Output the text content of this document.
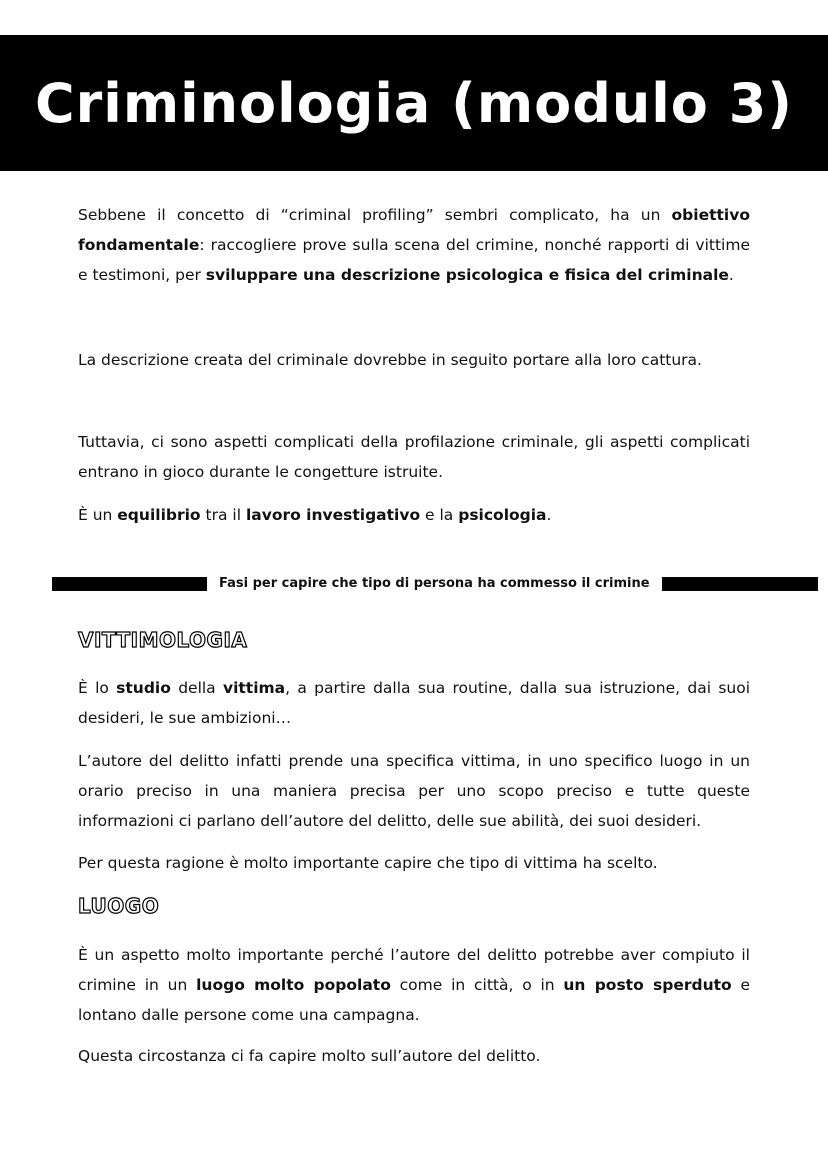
Criminologia (modulo 3)

Sebbene il concetto di “criminal profiling” sembri complicato, ha un obiettivo fondamentale: raccogliere prove sulla scena del crimine, nonché rapporti di vittime e testimoni, per sviluppare una descrizione psicologica e fisica del criminale.

La descrizione creata del criminale dovrebbe in seguito portare alla loro cattura.

Tuttavia, ci sono aspetti complicati della profilazione criminale, gli aspetti complicati entrano in gioco durante le congetture istruite.

È un equilibrio tra il lavoro investigativo e la psicologia.

Fasi per capire che tipo di persona ha commesso il crimine
VITTIMOLOGIA

È lo studio della vittima, a partire dalla sua routine, dalla sua istruzione, dai suoi desideri, le sue ambizioni…

L’autore del delitto infatti prende una specifica vittima, in uno specifico luogo in un orario preciso in una maniera precisa per uno scopo preciso e tutte queste informazioni ci parlano dell’autore del delitto, delle sue abilità, dei suoi desideri.

Per questa ragione è molto importante capire che tipo di vittima ha scelto.

LUOGO

È un aspetto molto importante perché l’autore del delitto potrebbe aver compiuto il crimine in un luogo molto popolato come in città, o in un posto sperduto e lontano dalle persone come una campagna.

Questa circostanza ci fa capire molto sull’autore del delitto.
